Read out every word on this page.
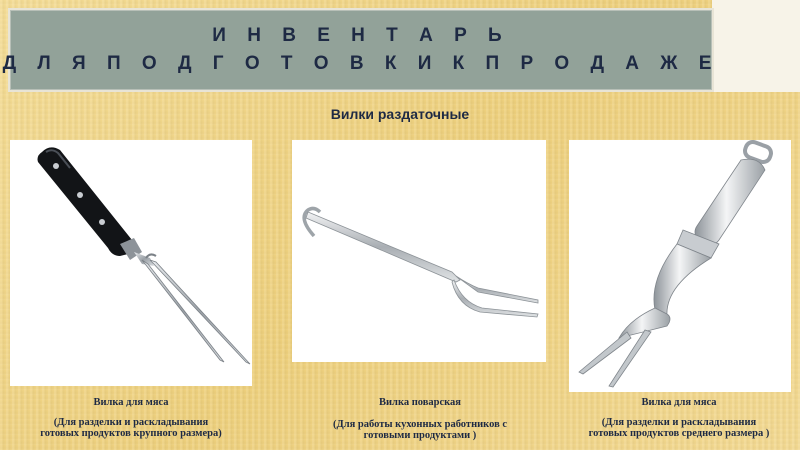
И Н В Е Н Т А Р Ь
Д Л Я П О Д Г О Т О В К И К П Р О Д А Ж Е
Вилки раздаточные
Вилка для мяса
(Для разделки и раскладывания
готовых продуктов крупного размера)
Вилка поварская
(Для работы кухонных работников с
готовыми продуктами )
Вилка для мяса
(Для разделки и раскладывания
готовых продуктов среднего размера )
